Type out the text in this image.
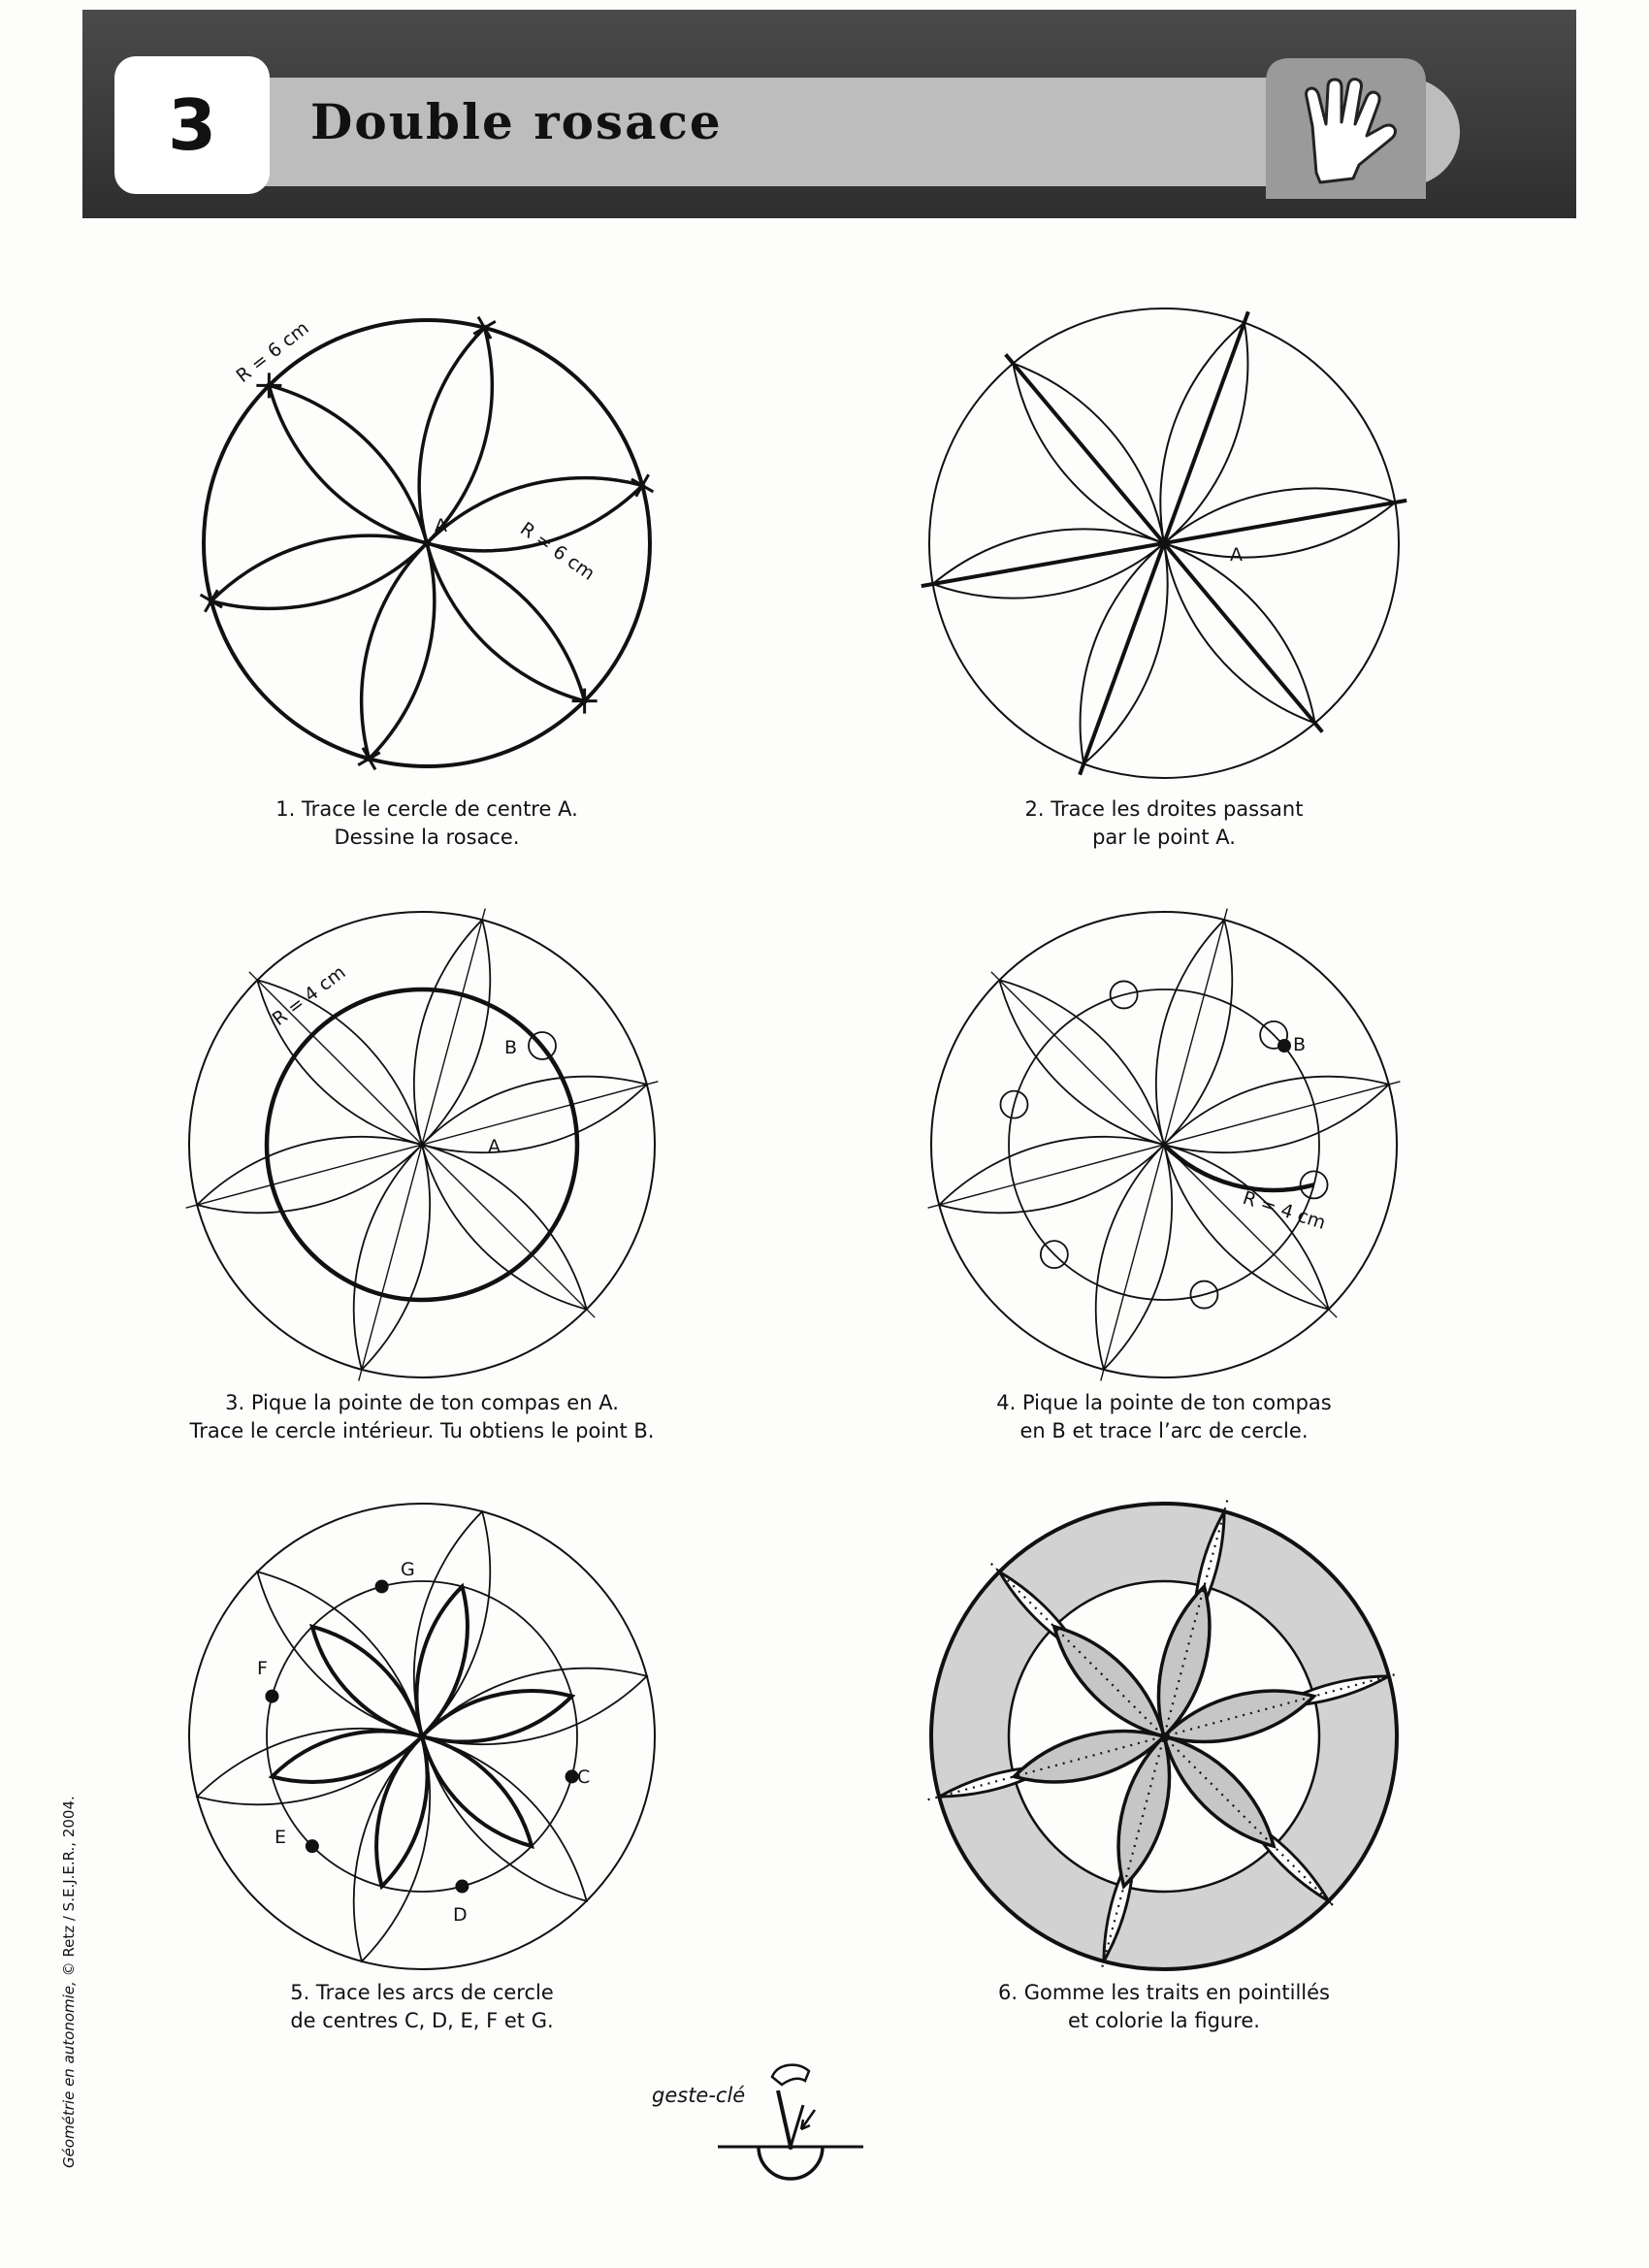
3	Double rosace
A
R = 6 cm
R = 6 cm
1. Trace le cercle de centre A.
Dessine la rosace.
A
2. Trace les droites passant
par le point A.
A
B
R = 4 cm
3. Pique la pointe de ton compas en A.
Trace le cercle intérieur. Tu obtiens le point B.
B
R = 4 cm
4. Pique la pointe de ton compas
en B et trace l’arc de cercle.
G
F
E
D
C
5. Trace les arcs de cercle
de centres C, D, E, F et G.
6. Gomme les traits en pointillés
et colorie la figure.
Géométrie en autonomie, © Retz / S.E.J.E.R., 2004.
geste-clé
